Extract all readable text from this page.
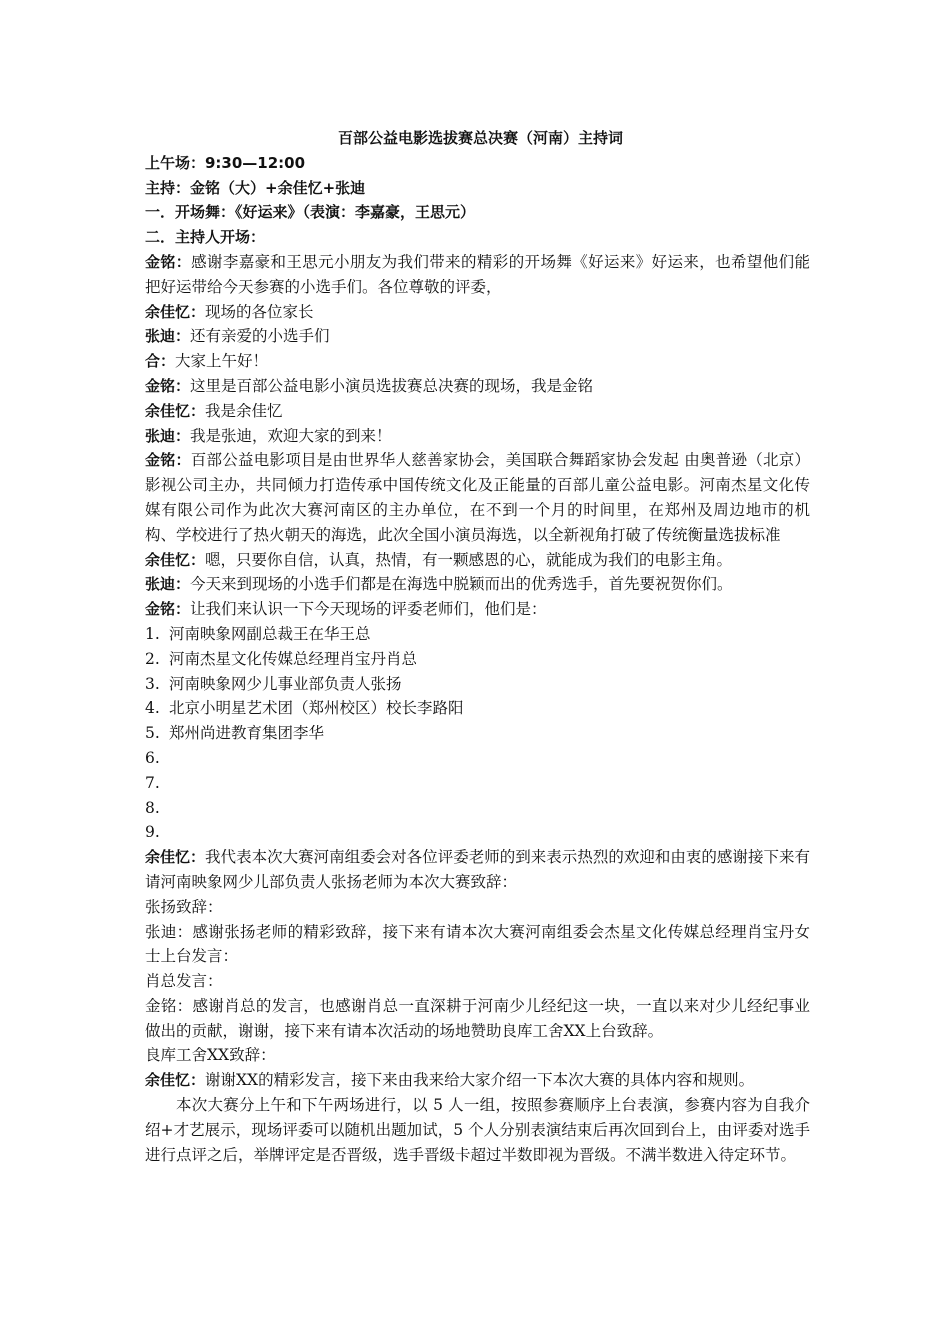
百部公益电影选拔赛总决赛（河南）主持词
上午场：9:30—12:00
主持：金铭（大）+余佳忆+张迪
一．开场舞：《好运来》（表演：李嘉豪，王思元）
二．主持人开场：
金铭：感谢李嘉豪和王思元小朋友为我们带来的精彩的开场舞《好运来》好运来，也希望他们能把好运带给今天参赛的小选手们。各位尊敬的评委，
余佳忆：现场的各位家长
张迪：还有亲爱的小选手们
合：大家上午好！
金铭：这里是百部公益电影小演员选拔赛总决赛的现场，我是金铭
余佳忆：我是余佳忆
张迪：我是张迪，欢迎大家的到来！
金铭：百部公益电影项目是由世界华人慈善家协会，美国联合舞蹈家协会发起 由奥普逊（北京）影视公司主办，共同倾力打造传承中国传统文化及正能量的百部儿童公益电影。河南杰星文化传媒有限公司作为此次大赛河南区的主办单位，在不到一个月的时间里，在郑州及周边地市的机构、学校进行了热火朝天的海选，此次全国小演员海选，以全新视角打破了传统衡量选拔标准
余佳忆：嗯，只要你自信，认真，热情，有一颗感恩的心，就能成为我们的电影主角。
张迪：今天来到现场的小选手们都是在海选中脱颖而出的优秀选手，首先要祝贺你们。
金铭：让我们来认识一下今天现场的评委老师们，他们是：
1. 河南映象网副总裁王在华王总
2. 河南杰星文化传媒总经理肖宝丹肖总
3. 河南映象网少儿事业部负责人张扬
4. 北京小明星艺术团（郑州校区）校长李路阳
5. 郑州尚进教育集团李华
6.
7.
8.
9.
余佳忆：我代表本次大赛河南组委会对各位评委老师的到来表示热烈的欢迎和由衷的感谢接下来有请河南映象网少儿部负责人张扬老师为本次大赛致辞：
张扬致辞：
张迪：感谢张扬老师的精彩致辞，接下来有请本次大赛河南组委会杰星文化传媒总经理肖宝丹女士上台发言：
肖总发言：
金铭：感谢肖总的发言，也感谢肖总一直深耕于河南少儿经纪这一块，一直以来对少儿经纪事业做出的贡献，谢谢，接下来有请本次活动的场地赞助良库工舍XX上台致辞。
良库工舍XX致辞：
余佳忆：谢谢XX的精彩发言，接下来由我来给大家介绍一下本次大赛的具体内容和规则。
本次大赛分上午和下午两场进行，以 5 人一组，按照参赛顺序上台表演，参赛内容为自我介绍+才艺展示，现场评委可以随机出题加试，5 个人分别表演结束后再次回到台上，由评委对选手进行点评之后，举牌评定是否晋级，选手晋级卡超过半数即视为晋级。不满半数进入待定环节。
